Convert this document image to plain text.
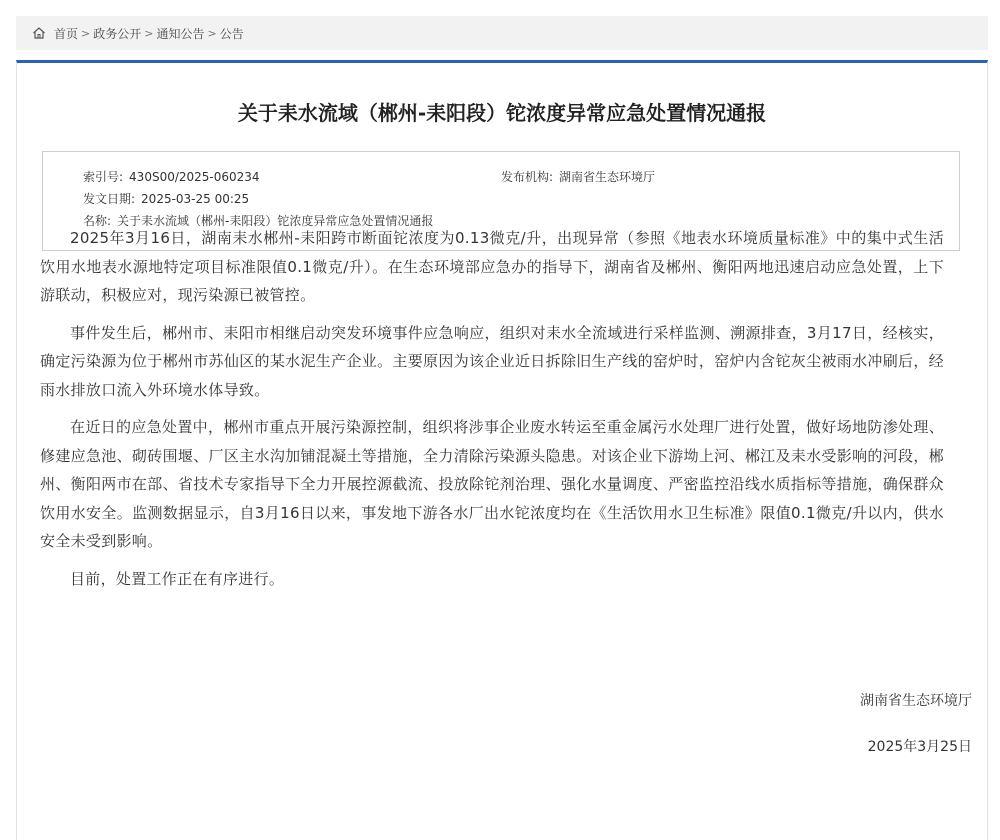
首页 > 政务公开 > 通知公告 > 公告
关于耒水流域（郴州-耒阳段）铊浓度异常应急处置情况通报
索引号: 430S00/2025-060234	发布机构: 湖南省生态环境厅
发文日期: 2025-03-25 00:25
名称: 关于耒水流域（郴州-耒阳段）铊浓度异常应急处置情况通报

2025年3月16日，湖南耒水郴州-耒阳跨市断面铊浓度为0.13微克/升，出现异常（参照《地表水环境质量标准》中的集中式生活饮用水地表水源地特定项目标准限值0.1微克/升）。在生态环境部应急办的指导下，湖南省及郴州、衡阳两地迅速启动应急处置，上下游联动，积极应对，现污染源已被管控。

事件发生后，郴州市、耒阳市相继启动突发环境事件应急响应，组织对耒水全流域进行采样监测、溯源排查，3月17日，经核实，确定污染源为位于郴州市苏仙区的某水泥生产企业。主要原因为该企业近日拆除旧生产线的窑炉时，窑炉内含铊灰尘被雨水冲刷后，经雨水排放口流入外环境水体导致。

在近日的应急处置中，郴州市重点开展污染源控制，组织将涉事企业废水转运至重金属污水处理厂进行处置，做好场地防渗处理、修建应急池、砌砖围堰、厂区主水沟加铺混凝土等措施，全力清除污染源头隐患。对该企业下游坳上河、郴江及耒水受影响的河段，郴州、衡阳两市在部、省技术专家指导下全力开展控源截流、投放除铊剂治理、强化水量调度、严密监控沿线水质指标等措施，确保群众饮用水安全。监测数据显示，自3月16日以来，事发地下游各水厂出水铊浓度均在《生活饮用水卫生标准》限值0.1微克/升以内，供水安全未受到影响。

目前，处置工作正在有序进行。

湖南省生态环境厅
2025年3月25日
